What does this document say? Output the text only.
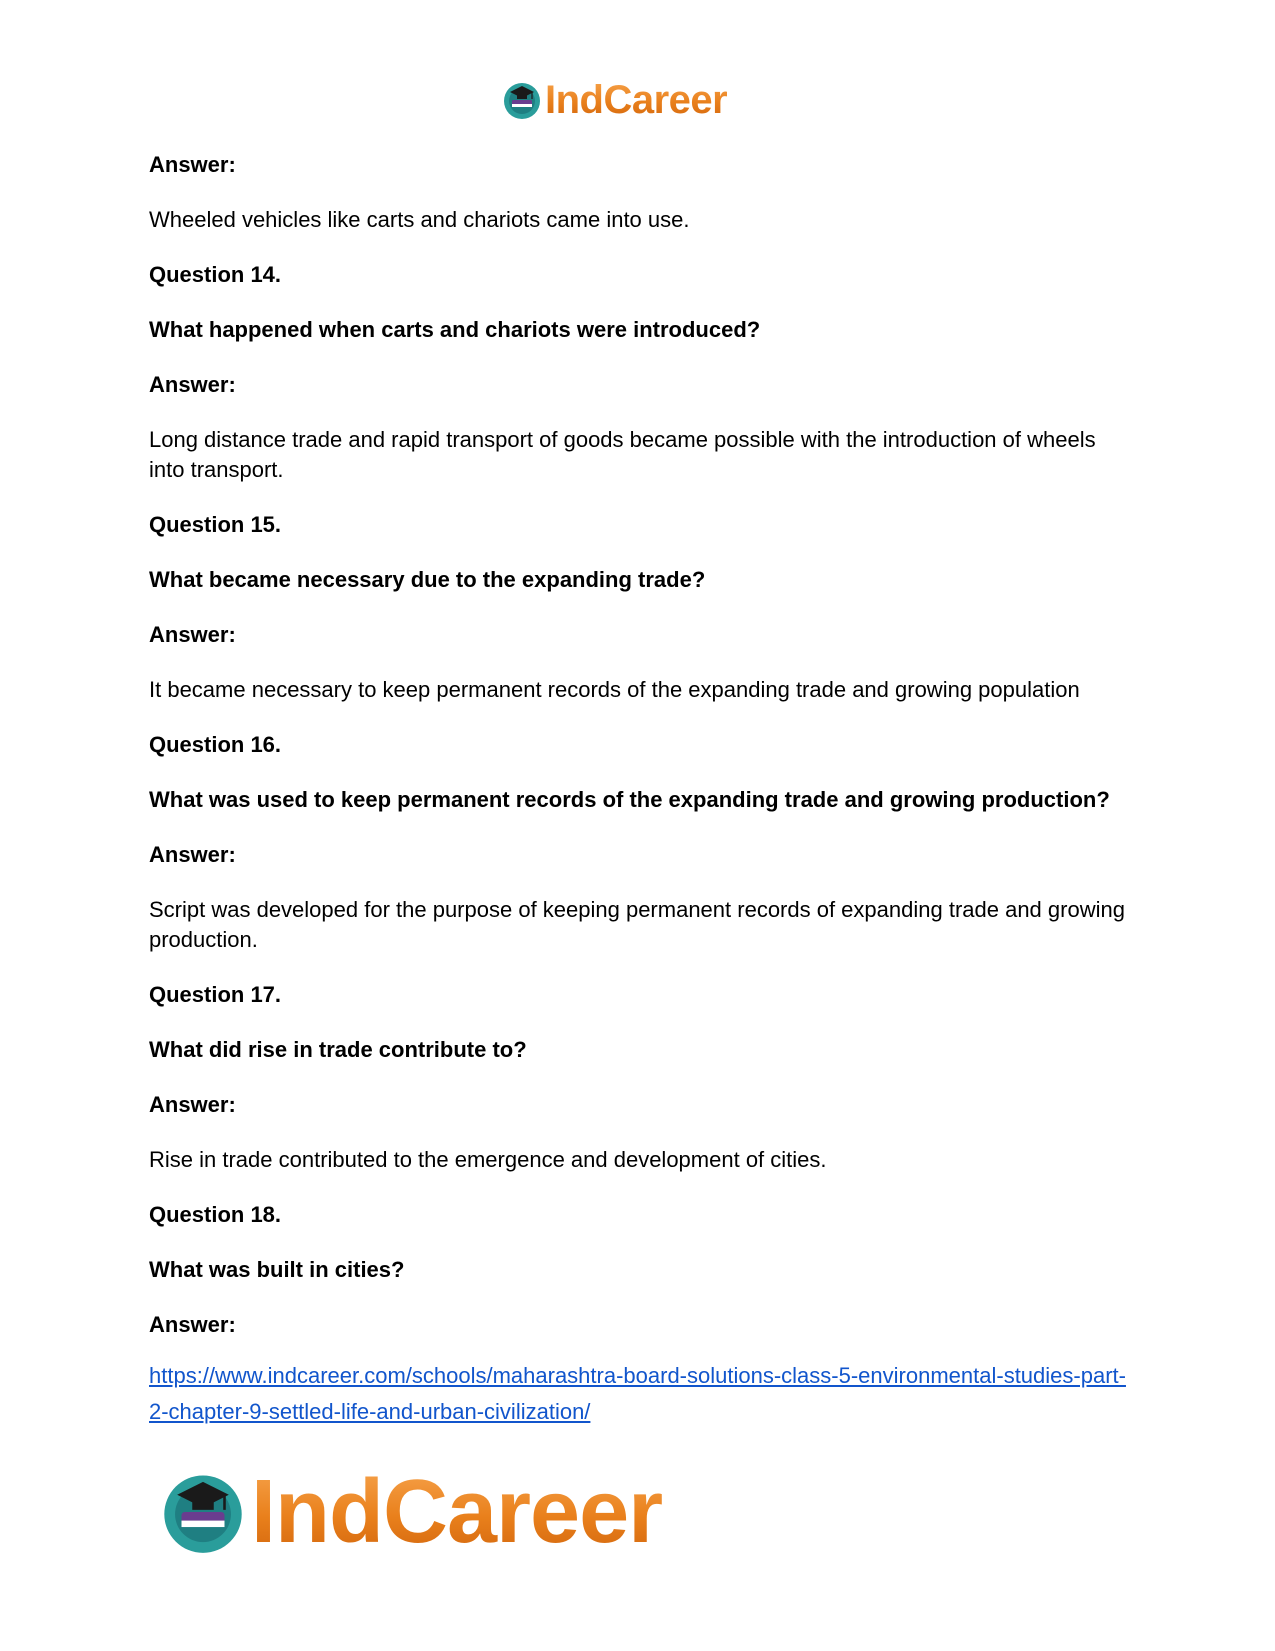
IndCareer

Answer:

Wheeled vehicles like carts and chariots came into use.

Question 14.

What happened when carts and chariots were introduced?

Answer:

Long distance trade and rapid transport of goods became possible with the introduction of wheels into transport.

Question 15.

What became necessary due to the expanding trade?

Answer:

It became necessary to keep permanent records of the expanding trade and growing population

Question 16.

What was used to keep permanent records of the expanding trade and growing production?

Answer:

Script was developed for the purpose of keeping permanent records of expanding trade and growing production.

Question 17.

What did rise in trade contribute to?

Answer:

Rise in trade contributed to the emergence and development of cities.

Question 18.

What was built in cities?

Answer:

https://www.indcareer.com/schools/maharashtra-board-solutions-class-5-environmental-studies-part-2-chapter-9-settled-life-and-urban-civilization/
IndCareer
